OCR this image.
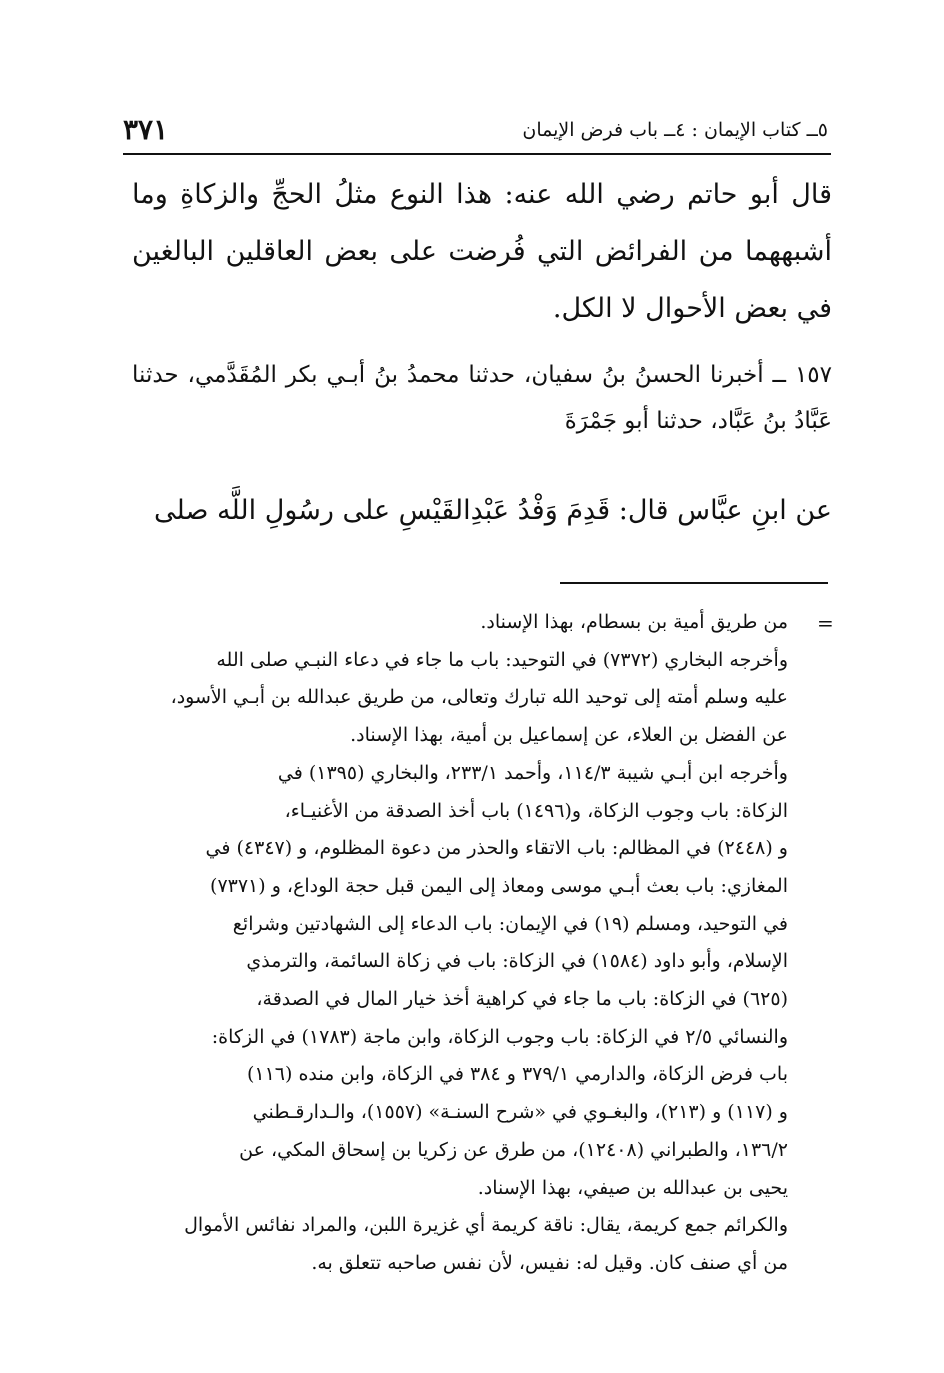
٣٧١	٥ــ كتاب الإيمان : ٤ــ باب فرض الإيمان
قال أبو حاتم رضي الله عنه: هذا النوع مثلُ الحجِّ والزكاةِ وما أشبههما من الفرائض التي فُرضت على بعض العاقلين البالغين في بعض الأحوال لا الكل.
١٥٧ ــ أخبرنا الحسنُ بنُ سفيان، حدثنا محمدُ بنُ أبـي بكر المُقَدَّمي، حدثنا عَبَّادُ بنُ عَبَّاد، حدثنا أبو جَمْرَةَ
عن ابنِ عبَّاس قال: قَدِمَ وَفْدُ عَبْدِالقَيْسِ على رسُولِ اللَّه صلى
=
من طريق أمية بن بسطام، بهذا الإسناد.
وأخرجه البخاري (٧٣٧٢) في التوحيد: باب ما جاء في دعاء النبـي صلى الله
عليه وسلم أمته إلى توحيد الله تبارك وتعالى، من طريق عبدالله بن أبـي الأسود،
عن الفضل بن العلاء، عن إسماعيل بن أمية، بهذا الإسناد.
وأخرجه ابن أبـي شيبة ١١٤/٣، وأحمد ٢٣٣/١، والبخاري (١٣٩٥) في
الزكاة: باب وجوب الزكاة، و(١٤٩٦) باب أخذ الصدقة من الأغنيـاء،
و (٢٤٤٨) في المظالم: باب الاتقاء والحذر من دعوة المظلوم، و (٤٣٤٧) في
المغازي: باب بعث أبـي موسى ومعاذ إلى اليمن قبل حجة الوداع، و (٧٣٧١)
في التوحيد، ومسلم (١٩) في الإيمان: باب الدعاء إلى الشهادتين وشرائع
الإسلام، وأبو داود (١٥٨٤) في الزكاة: باب في زكاة السائمة، والترمذي
(٦٢٥) في الزكاة: باب ما جاء في كراهية أخذ خيار المال في الصدقة،
والنسائي ٢/٥ في الزكاة: باب وجوب الزكاة، وابن ماجة (١٧٨٣) في الزكاة:
باب فرض الزكاة، والدارمي ٣٧٩/١ و ٣٨٤ في الزكاة، وابن منده (١١٦)
و (١١٧) و (٢١٣)، والبغـوي في «شرح السنـة» (١٥٥٧)، والـدارقـطني
١٣٦/٢، والطبراني (١٢٤٠٨)، من طرق عن زكريا بن إسحاق المكي، عن
يحيى بن عبدالله بن صيفي، بهذا الإسناد.
والكرائم جمع كريمة، يقال: ناقة كريمة أي غزيرة اللبن، والمراد نفائس الأموال
من أي صنف كان. وقيل له: نفيس، لأن نفس صاحبه تتعلق به.
